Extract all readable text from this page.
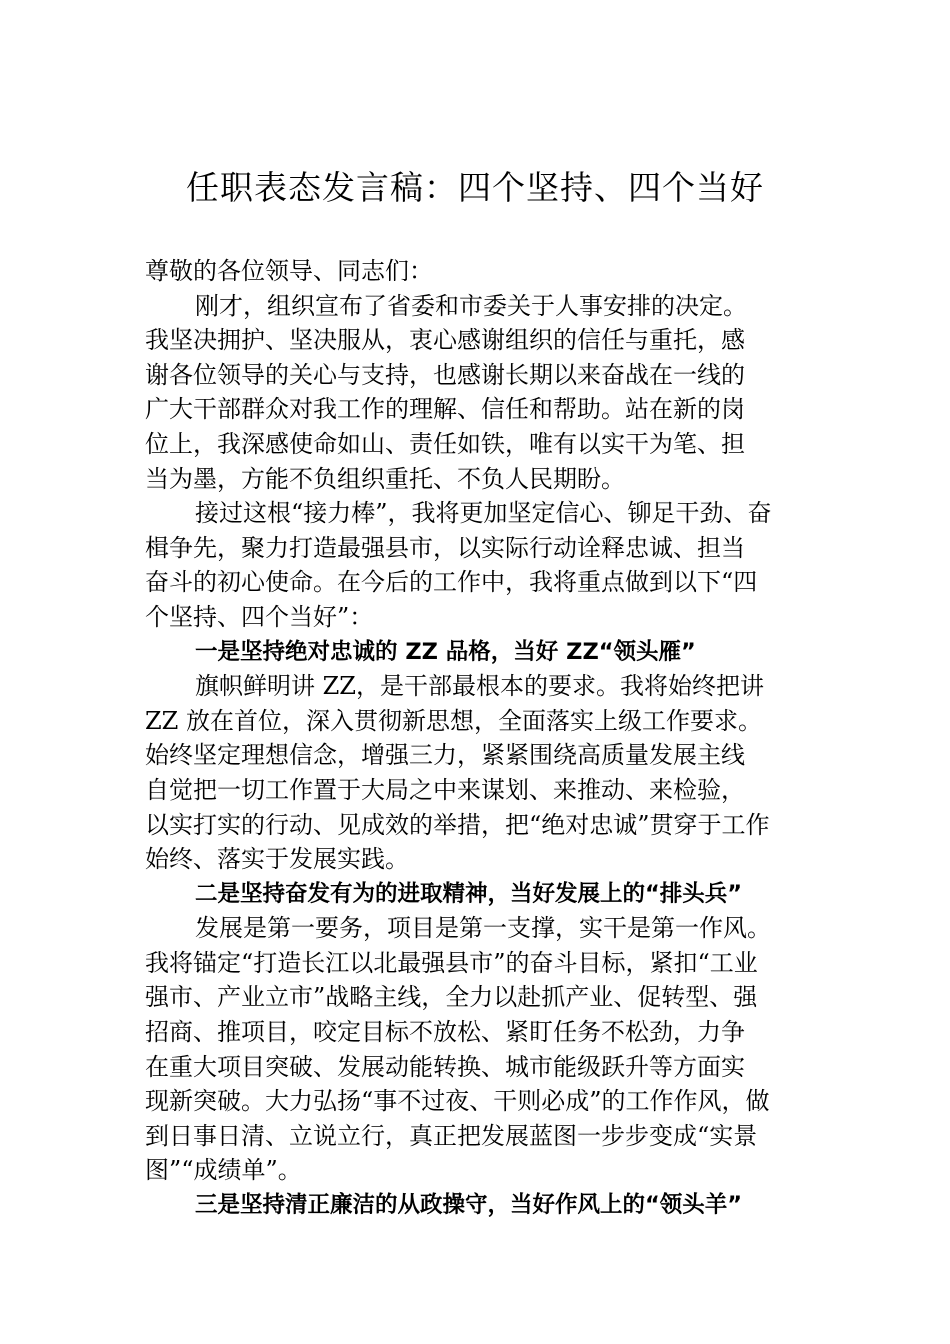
任职表态发言稿：四个坚持、四个当好

尊敬的各位领导、同志们：

刚才，组织宣布了省委和市委关于人事安排的决定。

我坚决拥护、坚决服从，衷心感谢组织的信任与重托，感

谢各位领导的关心与支持，也感谢长期以来奋战在一线的

广大干部群众对我工作的理解、信任和帮助。站在新的岗

位上，我深感使命如山、责任如铁，唯有以实干为笔、担

当为墨，方能不负组织重托、不负人民期盼。

接过这根“接力棒”，我将更加坚定信心、铆足干劲、奋

楫争先，聚力打造最强县市，以实际行动诠释忠诚、担当

奋斗的初心使命。在今后的工作中，我将重点做到以下“四

个坚持、四个当好”：

一是坚持绝对忠诚的 ZZ 品格，当好 ZZ“领头雁”

旗帜鲜明讲 ZZ，是干部最根本的要求。我将始终把讲

ZZ 放在首位，深入贯彻新思想，全面落实上级工作要求。

始终坚定理想信念，增强三力，紧紧围绕高质量发展主线

自觉把一切工作置于大局之中来谋划、来推动、来检验，

以实打实的行动、见成效的举措，把“绝对忠诚”贯穿于工作

始终、落实于发展实践。

二是坚持奋发有为的进取精神，当好发展上的“排头兵”

发展是第一要务，项目是第一支撑，实干是第一作风。

我将锚定“打造长江以北最强县市”的奋斗目标，紧扣“工业

强市、产业立市”战略主线，全力以赴抓产业、促转型、强

招商、推项目，咬定目标不放松、紧盯任务不松劲，力争

在重大项目突破、发展动能转换、城市能级跃升等方面实

现新突破。大力弘扬“事不过夜、干则必成”的工作作风，做

到日事日清、立说立行，真正把发展蓝图一步步变成“实景

图”“成绩单”。

三是坚持清正廉洁的从政操守，当好作风上的“领头羊”
